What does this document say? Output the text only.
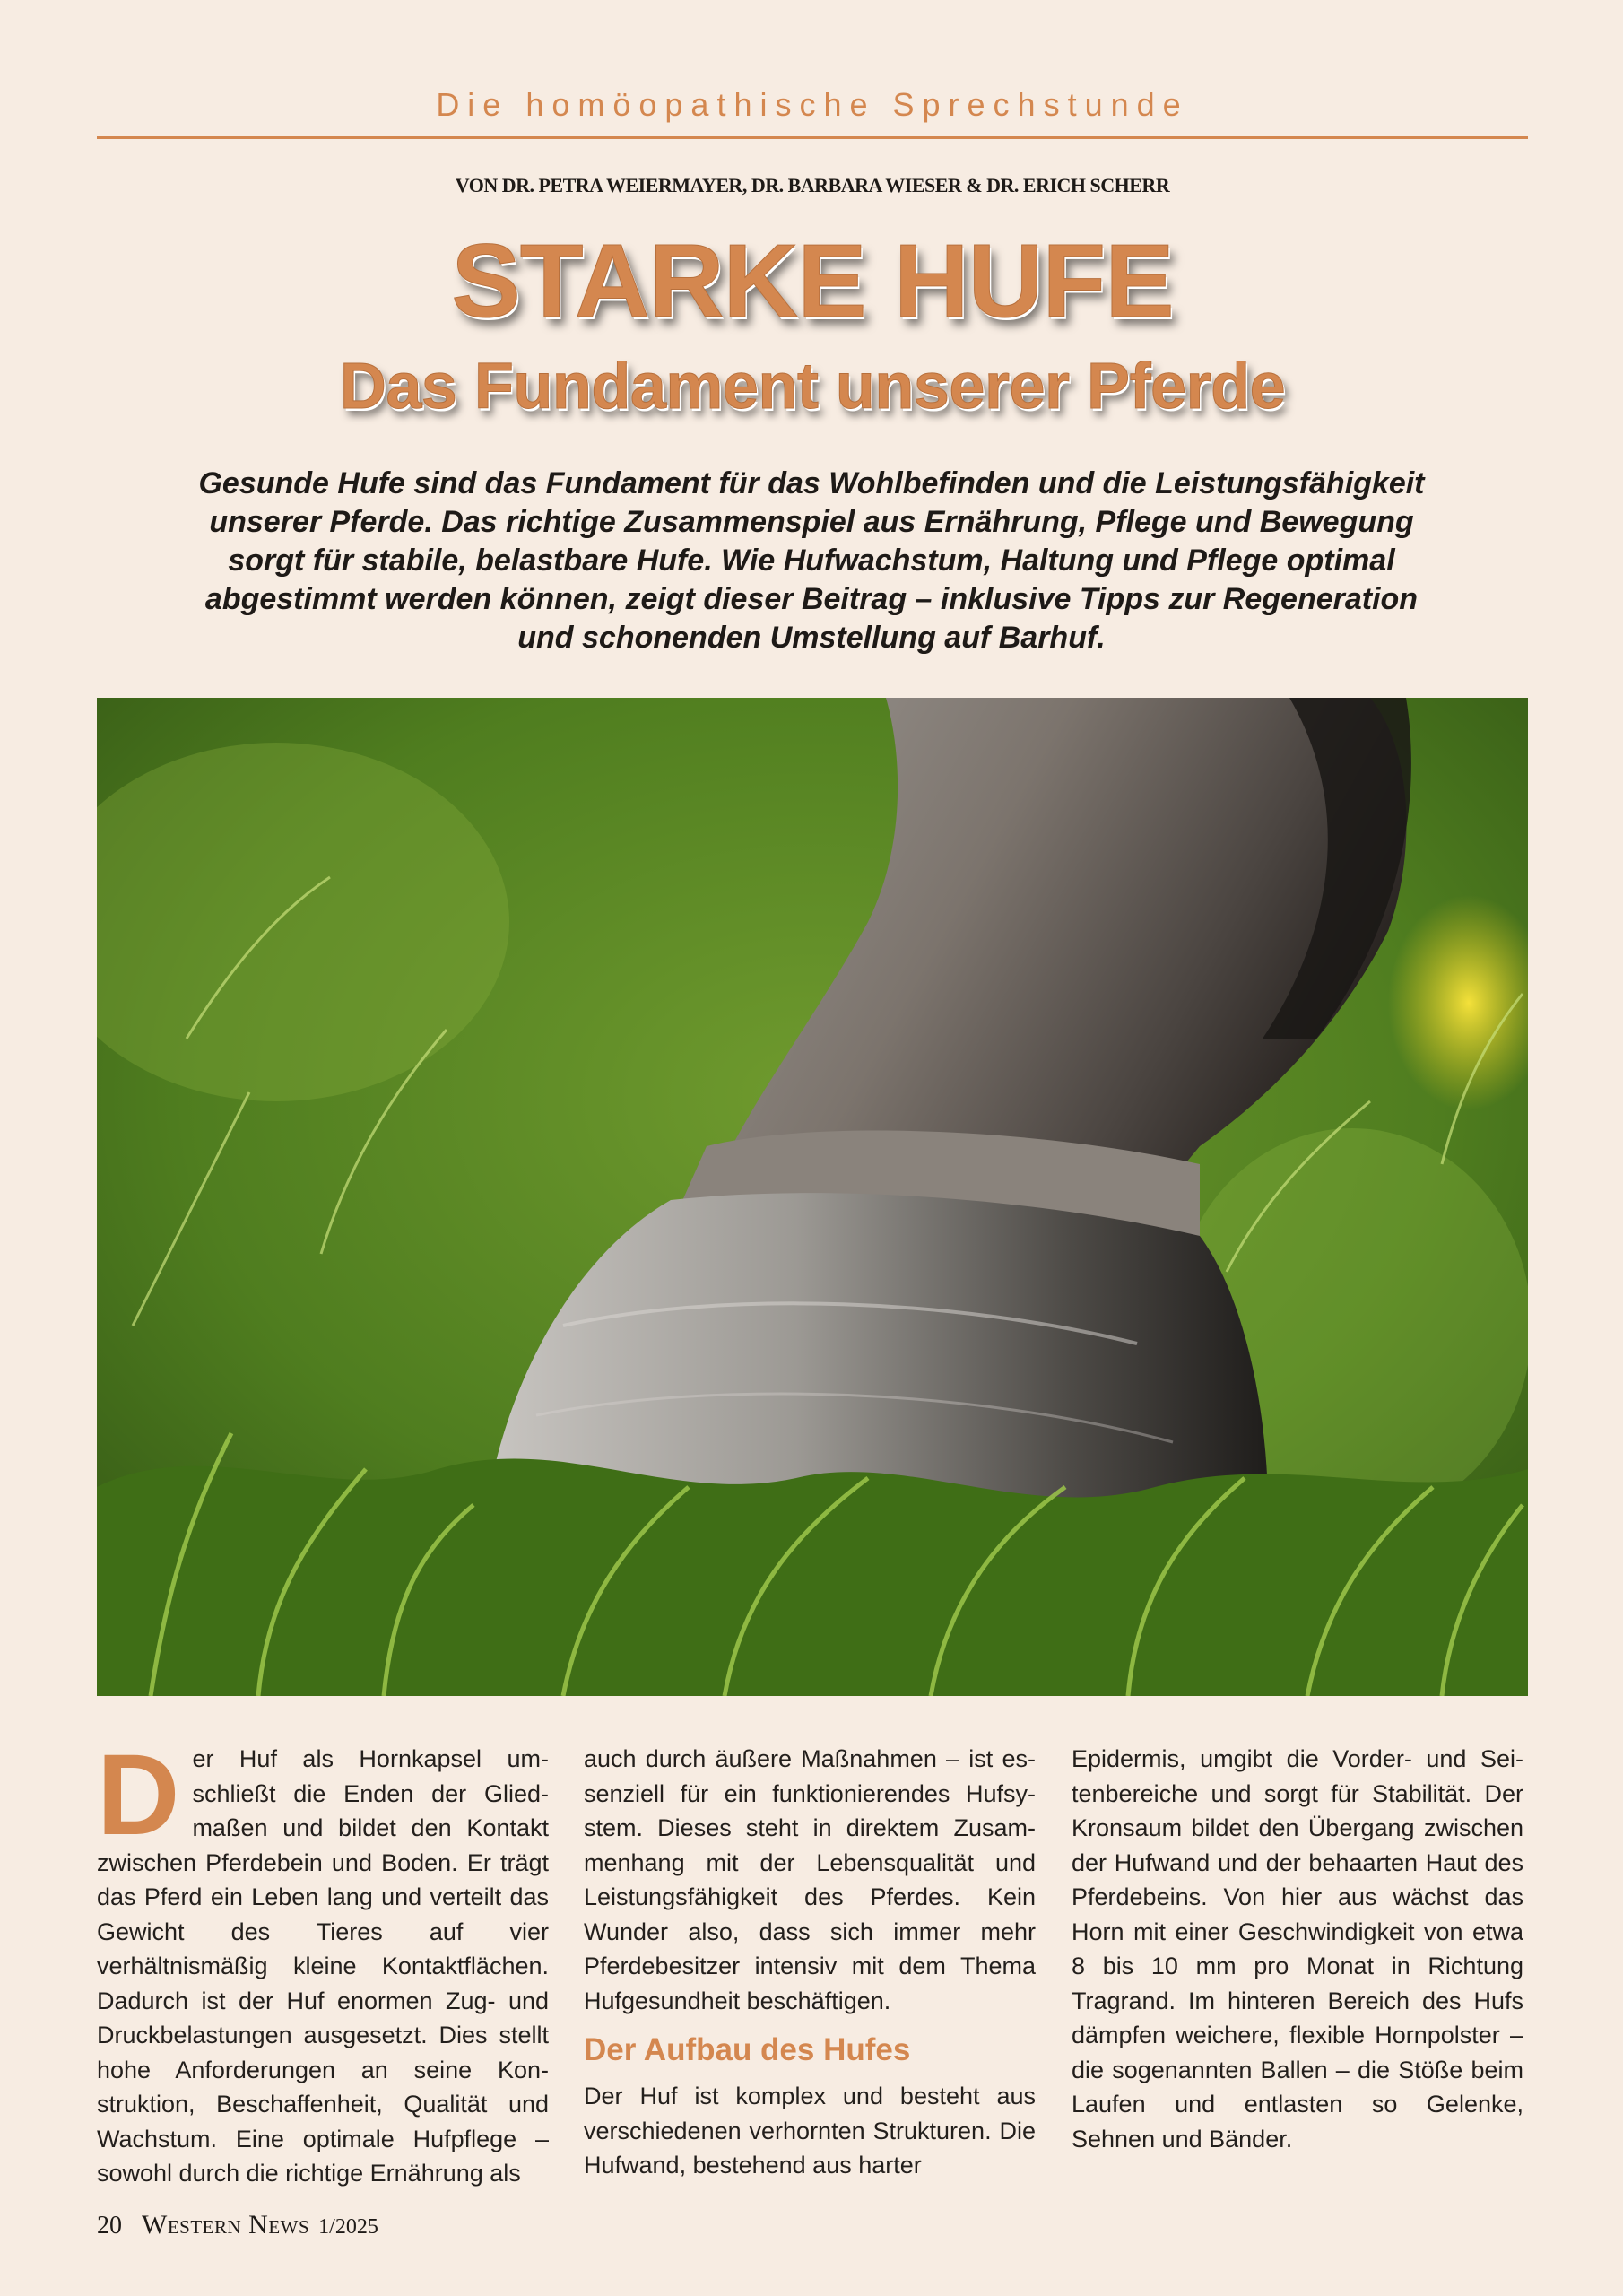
Die homöopathische Sprechstunde
VON DR. PETRA WEIERMAYER, DR. BARBARA WIESER & DR. ERICH SCHERR
STARKE HUFE
Das Fundament unserer Pferde

Gesunde Hufe sind das Fundament für das Wohlbefinden und die Leistungsfähigkeit unserer Pferde. Das richtige Zusammenspiel aus Ernährung, Pflege und Bewegung sorgt für stabile, belastbare Hufe. Wie Hufwachstum, Haltung und Pflege optimal abgestimmt werden können, zeigt dieser Beitrag – inklusive Tipps zur Regeneration und schonenden Umstellung auf Barhuf.

Der Huf als Hornkapsel umschließt die Enden der Gliedmaßen und bildet den Kontakt zwischen Pferdebein und Boden. Er trägt das Pferd ein Leben lang und verteilt das Gewicht des Tieres auf vier verhältnismäßig kleine Kontaktflächen. Dadurch ist der Huf enormen Zug- und Druckbelastungen ausgesetzt. Dies stellt hohe Anforderungen an seine Konstruktion, Beschaffenheit, Qualität und Wachstum. Eine optimale Hufpflege – sowohl durch die richtige Ernährung als

auch durch äußere Maßnahmen – ist essenziell für ein funktionierendes Hufsystem. Dieses steht in direktem Zusammenhang mit der Lebensqualität und Leistungsfähigkeit des Pferdes. Kein Wunder also, dass sich immer mehr Pferdebesitzer intensiv mit dem Thema Hufgesundheit beschäftigen.

Der Aufbau des Hufes

Der Huf ist komplex und besteht aus verschiedenen verhornten Strukturen. Die Hufwand, bestehend aus harter

Epidermis, umgibt die Vorder- und Seitenbereiche und sorgt für Stabilität. Der Kronsaum bildet den Übergang zwischen der Hufwand und der behaarten Haut des Pferdebeins. Von hier aus wächst das Horn mit einer Geschwindigkeit von etwa 8 bis 10 mm pro Monat in Richtung Tragrand. Im hinteren Bereich des Hufs dämpfen weichere, flexible Hornpolster – die sogenannten Ballen – die Stöße beim Laufen und entlasten so Gelenke, Sehnen und Bänder.

20 Western News 1/2025
